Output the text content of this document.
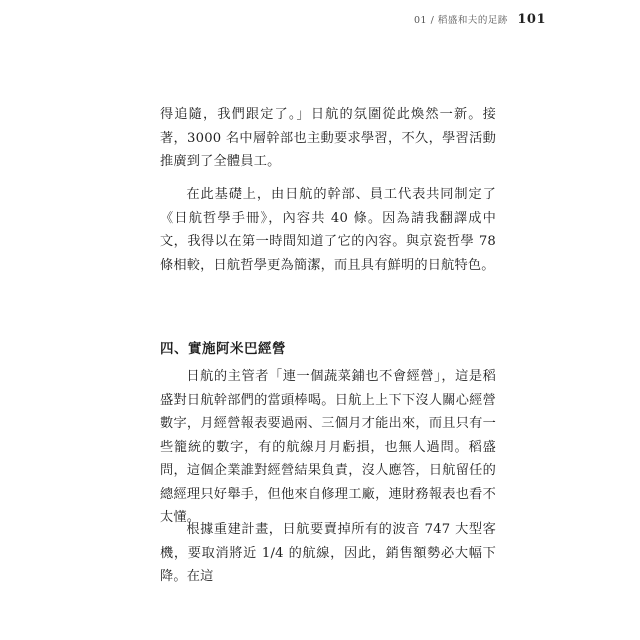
01 / 稻盛和夫的足跡 101

得追隨，我們跟定了。」日航的氛圍從此煥然一新。接著，3000 名中層幹部也主動要求學習，不久，學習活動推廣到了全體員工。

在此基礎上，由日航的幹部、員工代表共同制定了《日航哲學手冊》，內容共 40 條。因為請我翻譯成中文，我得以在第一時間知道了它的內容。與京瓷哲學 78 條相較，日航哲學更為簡潔，而且具有鮮明的日航特色。

四、實施阿米巴經營

日航的主管者「連一個蔬菜鋪也不會經營」，這是稻盛對日航幹部們的當頭棒喝。日航上上下下沒人關心經營數字，月經營報表要過兩、三個月才能出來，而且只有一些籠統的數字，有的航線月月虧損，也無人過問。稻盛問，這個企業誰對經營結果負責，沒人應答，日航留任的總經理只好舉手，但他來自修理工廠，連財務報表也看不太懂。

根據重建計畫，日航要賣掉所有的波音 747 大型客機，要取消將近 1/4 的航線，因此，銷售額勢必大幅下降。在這
